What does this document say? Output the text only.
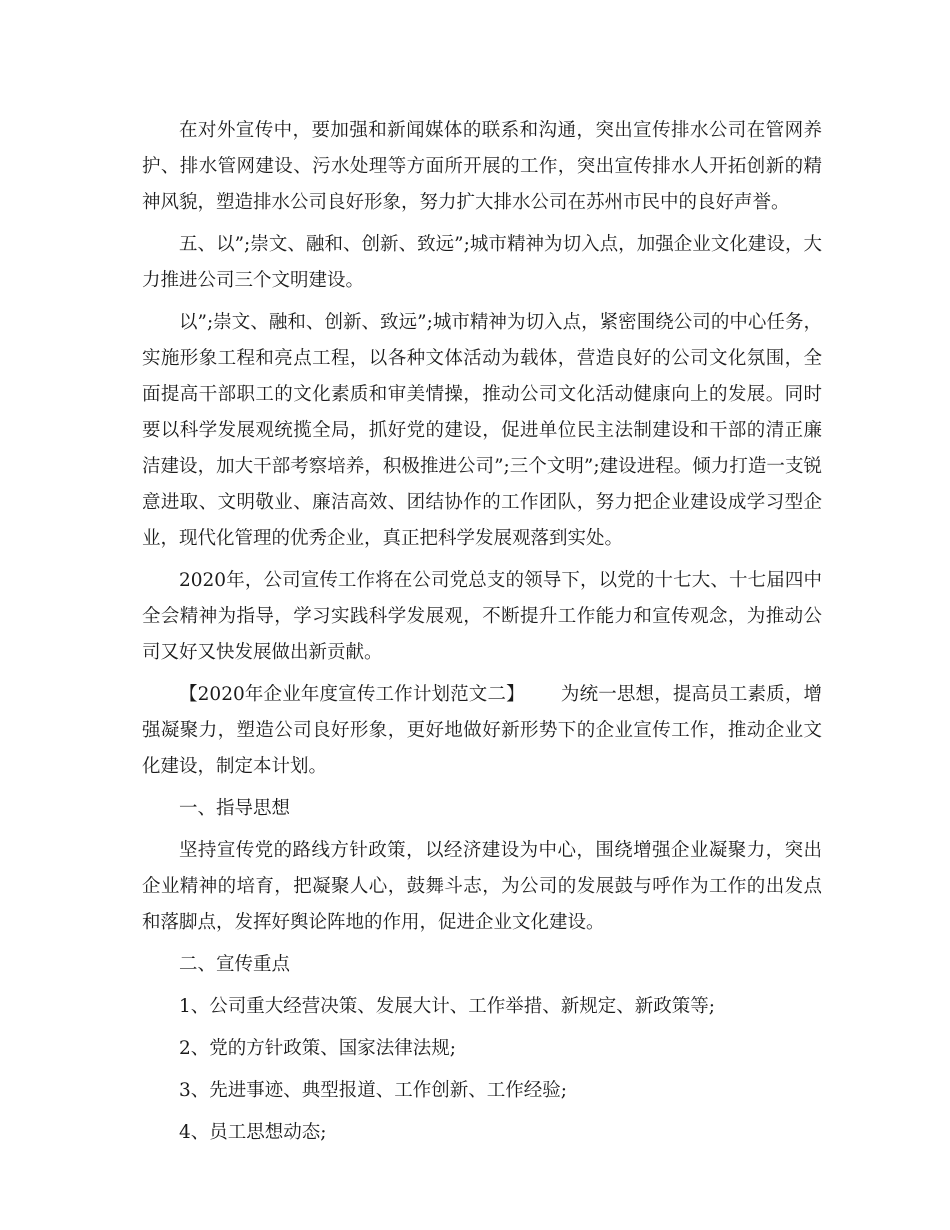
在对外宣传中，要加强和新闻媒体的联系和沟通，突出宣传排水公司在管网养护、排水管网建设、污水处理等方面所开展的工作，突出宣传排水人开拓创新的精神风貌，塑造排水公司良好形象，努力扩大排水公司在苏州市民中的良好声誉。

五、以”;崇文、融和、创新、致远”;城市精神为切入点，加强企业文化建设，大力推进公司三个文明建设。

以”;崇文、融和、创新、致远”;城市精神为切入点，紧密围绕公司的中心任务，实施形象工程和亮点工程，以各种文体活动为载体，营造良好的公司文化氛围，全面提高干部职工的文化素质和审美情操，推动公司文化活动健康向上的发展。同时要以科学发展观统揽全局，抓好党的建设，促进单位民主法制建设和干部的清正廉洁建设，加大干部考察培养，积极推进公司”;三个文明”;建设进程。倾力打造一支锐意进取、文明敬业、廉洁高效、团结协作的工作团队，努力把企业建设成学习型企业，现代化管理的优秀企业，真正把科学发展观落到实处。

2020年，公司宣传工作将在公司党总支的领导下，以党的十七大、十七届四中全会精神为指导，学习实践科学发展观，不断提升工作能力和宣传观念，为推动公司又好又快发展做出新贡献。

【2020年企业年度宣传工作计划范文二】 为统一思想，提高员工素质，增强凝聚力，塑造公司良好形象，更好地做好新形势下的企业宣传工作，推动企业文化建设，制定本计划。

一、指导思想

坚持宣传党的路线方针政策，以经济建设为中心，围绕增强企业凝聚力，突出企业精神的培育，把凝聚人心，鼓舞斗志，为公司的发展鼓与呼作为工作的出发点和落脚点，发挥好舆论阵地的作用，促进企业文化建设。

二、宣传重点

1、公司重大经营决策、发展大计、工作举措、新规定、新政策等;

2、党的方针政策、国家法律法规;

3、先进事迹、典型报道、工作创新、工作经验;

4、员工思想动态;
